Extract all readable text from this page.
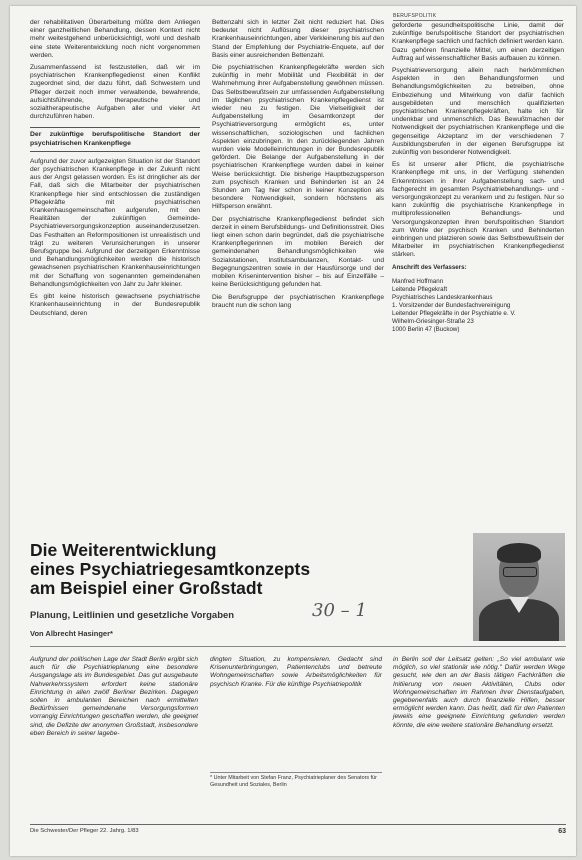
BERUFSPOLITIK

der rehabilitativen Überarbeitung müßte dem Anliegen einer ganzheitlichen Behandlung, dessen Kontext nicht mehr weitestgehend unberücksichtigt, wohl und deshalb eine stete Weiterentwicklung noch nicht vorgenommen werden.

Zusammenfassend ist festzustellen, daß wir im psychiatrischen Krankenpflegedienst einen Konflikt zugeordnet sind, der dazu führt, daß Schwestern und Pfleger derzeit noch immer verwaltende, bewahrende, aufsichtsführende, therapeutische und sozialtherapeutische Aufgaben aller und vieler Art durchzuführen haben.

Der zukünftige berufspolitische Standort der psychiatrischen Krankenpflege

Aufgrund der zuvor aufgezeigten Situation ist der Standort der psychiatrischen Krankenpflege in der Zukunft nicht aus der Angst gelassen worden. Es ist dringlicher als der Fall, daß sich die Mitarbeiter der psychiatrischen Krankenpflege hier sind entschlossen die zuständigen Pflegekräfte mit psychiatrischen Krankenhausgemeinschaften aufgerufen, mit den Realitäten der zukünftigen Gemeinde-Psychiatrieversorgungskonzeption auseinanderzusetzen. Das Festhalten an Reformpositionen ist unrealistisch und trägt zu weiteren Verunsicherungen in unserer Berufsgruppe bei. Aufgrund der derzeitigen Erkenntnisse und Behandlungsmöglichkeiten werden die historisch gewachsenen psychiatrischen Krankenhauseinrichtungen mit der Schaffung von sogenannten gemeindenahen Behandlungsmöglichkeiten von Jahr zu Jahr kleiner.

Es gibt keine historisch gewachsene psychiatrische Krankenhauseinrichtung in der Bundesrepublik Deutschland, deren

Bettenzahl sich in letzter Zeit nicht reduziert hat. Dies bedeutet nicht Auflösung dieser psychiatrischen Krankenhauseinrichtungen, aber Verkleinerung bis auf den Stand der Empfehlung der Psychiatrie-Enquete, auf der Basis einer ausreichenden Bettenzahl.

Die psychiatrischen Krankenpflegekräfte werden sich zukünftig in mehr Mobilität und Flexibilität in der Wahrnehmung ihrer Aufgabenstellung gewöhnen müssen. Das Selbstbewußtsein zur umfassenden Aufgabenstellung im täglichen psychiatrischen Krankenpflegedienst ist wieder neu zu festigen. Die Vielseitigkeit der Aufgabenstellung im Gesamtkonzept der Psychiatrieversorgung ermöglicht es, unter wissenschaftlichen, soziologischen und fachlichen Aspekten einzubringen. In den zurückliegenden Jahren wurden viele Modelleinrichtungen in der Bundesrepublik gefördert. Die Belange der Aufgabenstellung in der psychiatrischen Krankenpflege wurden dabei in keiner Weise berücksichtigt. Die bisherige Hauptbezugsperson zum psychisch Kranken und Behinderten ist an 24 Stunden am Tag hier schon in keiner Konzeption als besondere Notwendigkeit, sondern höchstens als Hilfsperson erwähnt.

Der psychiatrische Krankenpflegedienst befindet sich derzeit in einem Berufsbildungs- und Definitionsstreit. Dies liegt einen schon darin begründet, daß die psychiatrische Krankenpflegerinnen im mobilen Bereich der gemeindenahen Behandlungsmöglichkeiten wie Sozialstationen, Institutsambulanzen, Kontakt- und Begegnungszentren sowie in der Hausfürsorge und der mobilen Krisenintervention bisher – bis auf Einzelfälle – keine Berücksichtigung gefunden hat.

Die Berufsgruppe der psychiatrischen Krankenpflege braucht nun die schon lang

geforderte gesundheitspolitische Linie, damit der zukünftige berufspolitische Standort der psychiatrischen Krankenpflege sachlich und fachlich definiert werden kann. Dazu gehören finanzielle Mittel, um einen derzeitigen Auftrag auf wissenschaftlicher Basis aufbauen zu können.

Psychiatrieversorgung allein nach herkömmlichen Aspekten in den Behandlungsformen und Behandlungsmöglichkeiten zu betreiben, ohne Einbeziehung und Mitwirkung von dafür fachlich ausgebildeten und menschlich qualifizierten psychiatrischen Krankenpflegekräften, halte ich für undenkbar und unmenschlich. Das Bewußtmachen der Notwendigkeit der psychiatrischen Krankenpflege und die gegenseitige Akzeptanz im der verschiedenen 7 Ausbildungsberufen in der eigenen Berufsgruppe ist zukünftig von besonderer Notwendigkeit.

Es ist unserer aller Pflicht, die psychiatrische Krankenpflege mit uns, in der Verfügung stehenden Erkenntnissen in ihrer Aufgabenstellung sach- und fachgerecht im gesamten Psychiatriebehandlungs- und -versorgungskonzept zu verankern und zu festigen. Nur so kann zukünftig die psychiatrische Krankenpflege in multiprofessionellen Behandlungs- und Versorgungskonzepten ihren berufspolitischen Standort zum Wohle der psychisch Kranken und Behinderten einbringen und platzieren sowie das Selbstbewußtsein der Mitarbeiter im psychiatrischen Krankenpflegedienst stärken.

Anschrift des Verfassers:
Manfred Hoffmann
Leitende Pflegekraft
Psychiatrisches Landeskrankenhaus
1. Vorsitzender der Bundesfachvereinigung
Leitender Pflegekräfte in der Psychiatrie e. V.
Wilhelm-Griesinger-Straße 23
1000 Berlin 47 (Buckow)
Die Weiterentwicklung
eines Psychiatriegesamtkonzepts
am Beispiel einer Großstadt
30 – 1
Planung, Leitlinien und gesetzliche Vorgaben
Von Albrecht Hasinger*
Aufgrund der politischen Lage der Stadt Berlin ergibt sich auch für die Psychiatrieplanung eine besondere Ausgangslage als im Bundesgebiet. Das gut ausgebaute Nahverkehrssystem erfordert keine stationäre Einrichtung in allen zwölf Berliner Bezirken. Dagegen sollen in ambulanten Bereichen nach ermittelten Bedürfnissen gemeindenahe Versorgungsformen vorrangig Einrichtungen geschaffen werden, die geeignet sind, die Defizite der anonymen Großstadt, insbesondere eben Bereich in seiner lagebe-
dingten Situation, zu kompensieren. Gedacht sind Krisenunterbringungen, Patientenclubs und betreute Wohngemeinschaften sowie Arbeitsmöglichkeiten für psychisch Kranke. Für die künftige Psychiatriepolitik
in Berlin soll der Leitsatz gelten: „So viel ambulant wie möglich, so viel stationär wie nötig." Dafür werden Wege gesucht, wie den an der Basis tätigen Fachkräften die Initiierung von neuen Aktivitäten, Clubs oder Wohngemeinschaften im Rahmen ihrer Dienstaufgaben, gegebenenfalls auch durch finanzielle Hilfen, besser ermöglicht werden kann. Das heißt, daß für den Patienten jeweils eine geeignete Einrichtung gefunden werden könnte, die eine weitere stationäre Behandlung ersetzt.
* Unter Mitarbeit von Stefan Franz, Psychiatrieplaner des Senators für Gesundheit und Soziales, Berlin
Die Schwester/Der Pfleger 22. Jahrg. 1/83	63
